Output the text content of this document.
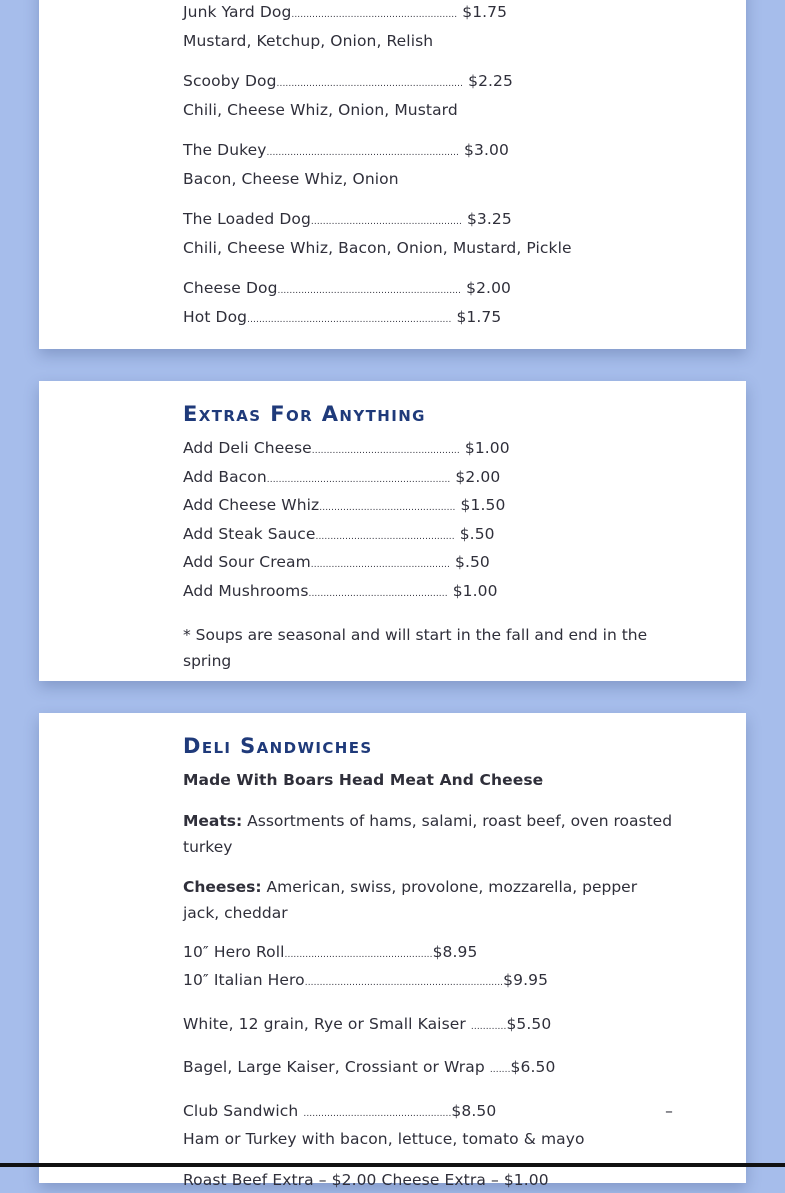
Junk Yard Dog........................................................ $1.75
Mustard, Ketchup, Onion, Relish
Scooby Dog............................................................... $2.25
Chili, Cheese Whiz, Onion, Mustard
The Dukey................................................................. $3.00
Bacon, Cheese Whiz, Onion
The Loaded Dog................................................... $3.25
Chili, Cheese Whiz, Bacon, Onion, Mustard, Pickle
Cheese Dog.............................................................. $2.00
Hot Dog..................................................................... $1.75
Extras For Anything
Add Deli Cheese.................................................. $1.00
Add Bacon.............................................................. $2.00
Add Cheese Whiz.............................................. $1.50
Add Steak Sauce............................................... $.50
Add Sour Cream............................................... $.50
Add Mushrooms............................................... $1.00
* Soups are seasonal and will start in the fall and end in the spring
Deli Sandwiches
Made With Boars Head Meat And Cheese
Meats: Assortments of hams, salami, roast beef, oven roasted turkey
Cheeses: American, swiss, provolone, mozzarella, pepper jack, cheddar
10″ Hero Roll..................................................$8.95
10″ Italian Hero...................................................................$9.95
White, 12 grain, Rye or Small Kaiser ............$5.50
Bagel, Large Kaiser, Crossiant or Wrap .......$6.50
Club Sandwich ..................................................$8.50	–
Ham or Turkey with bacon, lettuce, tomato & mayo
Roast Beef Extra – $2.00 Cheese Extra – $1.00
